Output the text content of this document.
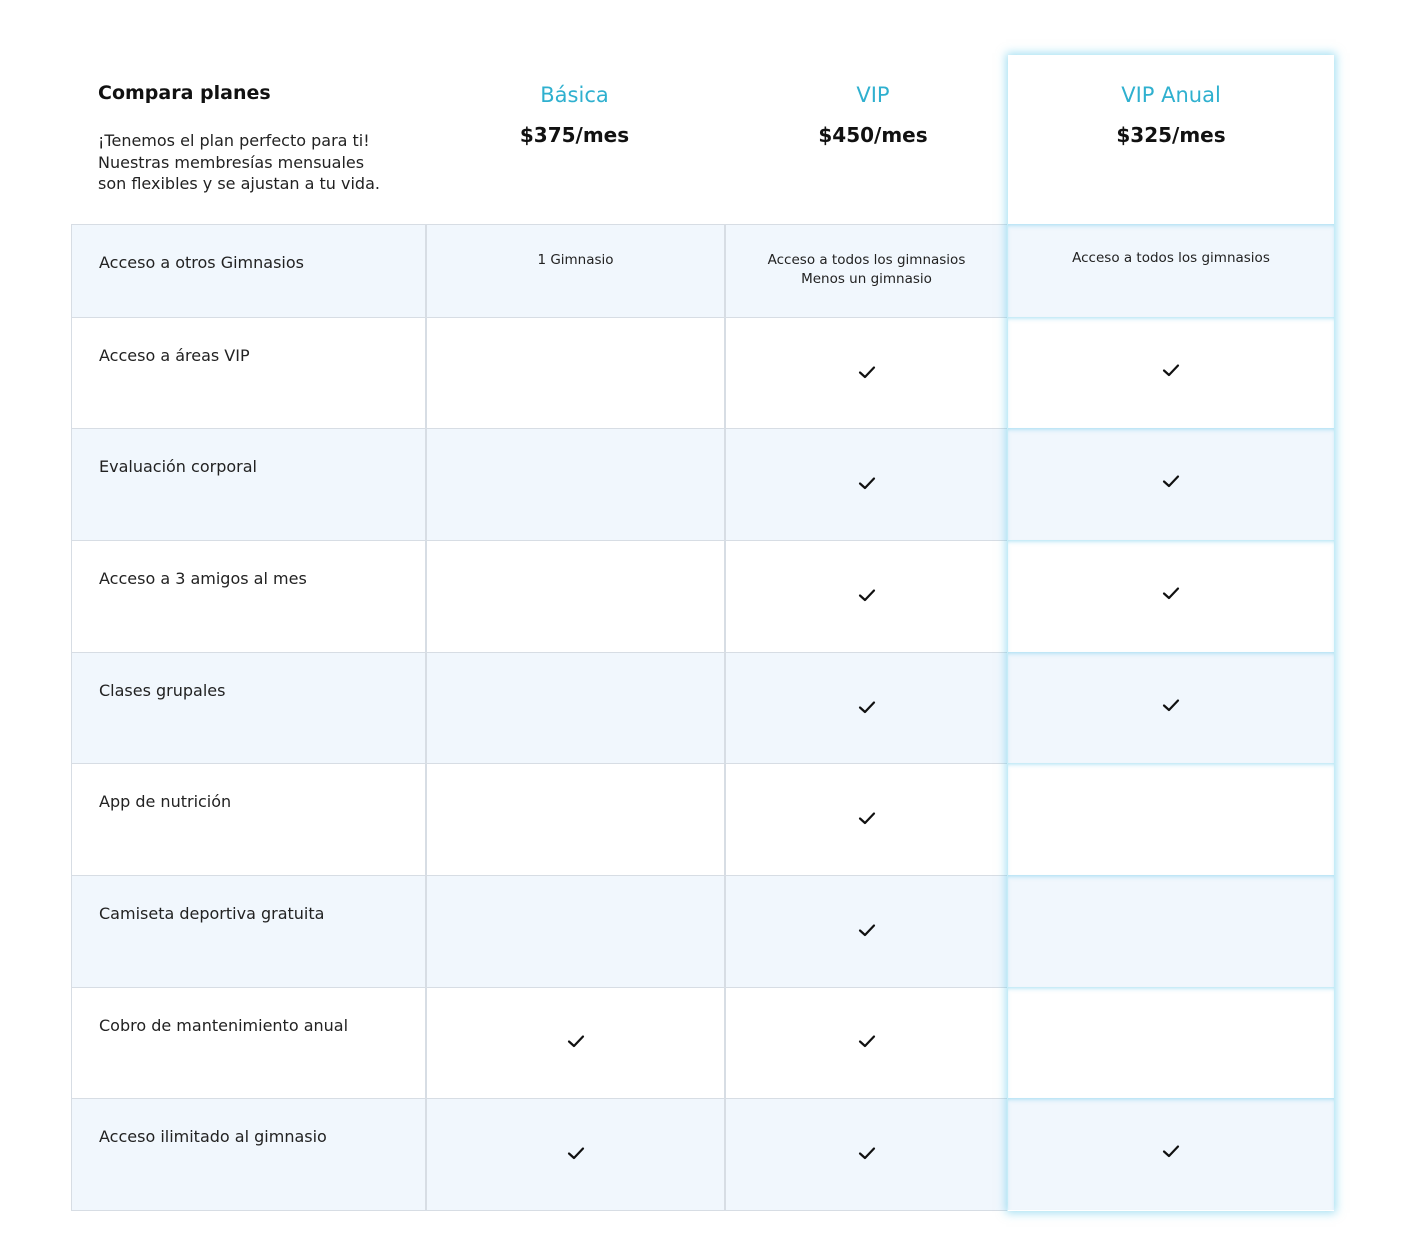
Compara planes
¡Tenemos el plan perfecto para ti!
Nuestras membresías mensuales
son flexibles y se ajustan a tu vida.
Básica
$375/mes
VIP
$450/mes
Acceso a otros Gimnasios	1 Gimnasio	Acceso a todos los gimnasios
Menos un gimnasio
Acceso a áreas VIP
Evaluación corporal
Acceso a 3 amigos al mes
Clases grupales
App de nutrición
Camiseta deportiva gratuita
Cobro de mantenimiento anual
Acceso ilimitado al gimnasio
VIP Anual
$325/mes
Acceso a todos los gimnasios
